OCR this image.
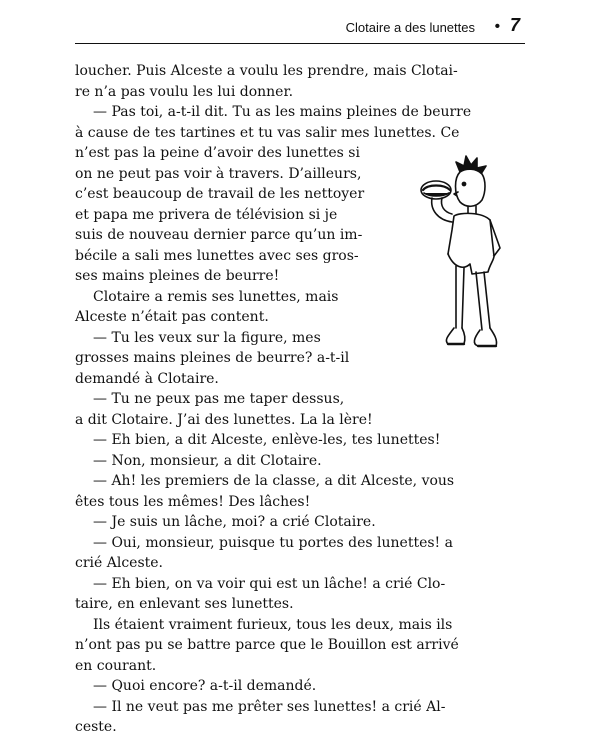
Clotaire a des lunettes • 7
loucher. Puis Alceste a voulu les prendre, mais Clotai-
re n’a pas voulu les lui donner.
— Pas toi, a-t-il dit. Tu as les mains pleines de beurre
à cause de tes tartines et tu vas salir mes lunettes. Ce
n’est pas la peine d’avoir des lunettes si
on ne peut pas voir à travers. D’ailleurs,
c’est beaucoup de travail de les nettoyer
et papa me privera de télévision si je
suis de nouveau dernier parce qu’un im-
bécile a sali mes lunettes avec ses gros-
ses mains pleines de beurre!
Clotaire a remis ses lunettes, mais
Alceste n’était pas content.
— Tu les veux sur la figure, mes
grosses mains pleines de beurre? a-t-il
demandé à Clotaire.
— Tu ne peux pas me taper dessus,
a dit Clotaire. J’ai des lunettes. La la lère!
— Eh bien, a dit Alceste, enlève-les, tes lunettes!
— Non, monsieur, a dit Clotaire.
— Ah! les premiers de la classe, a dit Alceste, vous
êtes tous les mêmes! Des lâches!
— Je suis un lâche, moi? a crié Clotaire.
— Oui, monsieur, puisque tu portes des lunettes! a
crié Alceste.
— Eh bien, on va voir qui est un lâche! a crié Clo-
taire, en enlevant ses lunettes.
Ils étaient vraiment furieux, tous les deux, mais ils
n’ont pas pu se battre parce que le Bouillon est arrivé
en courant.
— Quoi encore? a-t-il demandé.
— Il ne veut pas me prêter ses lunettes! a crié Al-
ceste.
